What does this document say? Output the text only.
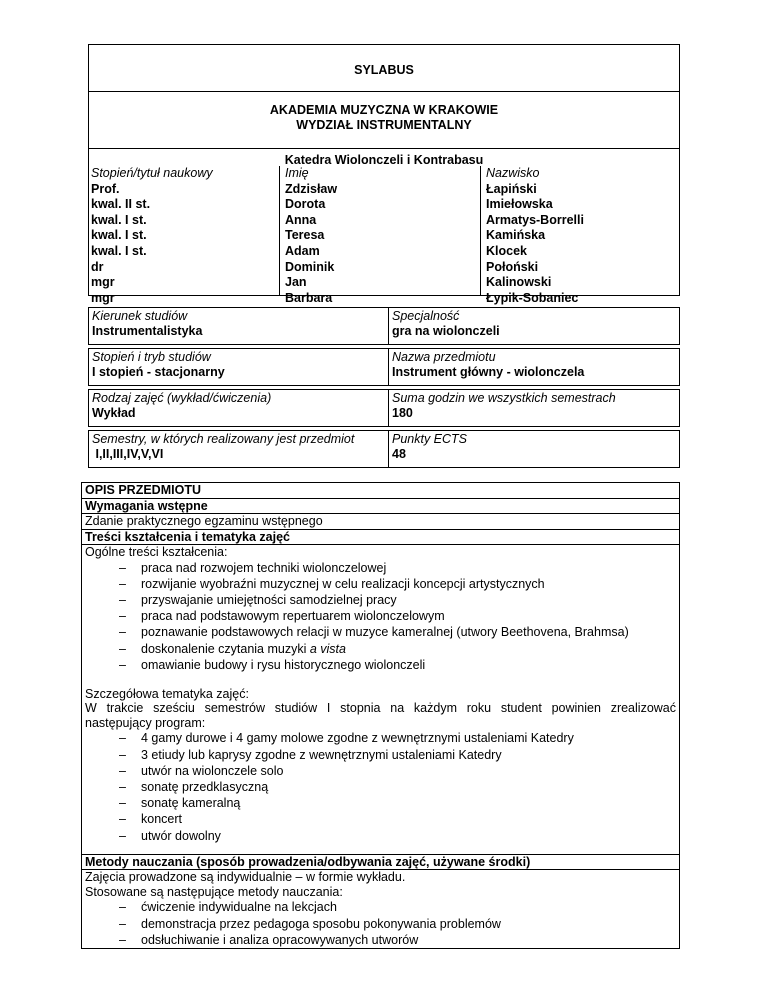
SYLABUS
AKADEMIA MUZYCZNA W KRAKOWIE
WYDZIAŁ INSTRUMENTALNY
Katedra Wiolonczeli i Kontrabasu
Stopień/tytuł naukowy
Prof.
kwal. II st.
kwal. I st.
kwal. I st.
kwal. I st.
dr
mgr
mgr
Imię
Zdzisław
Dorota
Anna
Teresa
Adam
Dominik
Jan
Barbara
Nazwisko
Łapiński
Imiełowska
Armatys-Borrelli
Kamińska
Klocek
Połoński
Kalinowski
Łypik-Sobaniec
Kierunek studiów
Instrumentalistyka
Specjalność
gra na wiolonczeli
Stopień i tryb studiów
I stopień - stacjonarny
Nazwa przedmiotu
Instrument główny - wiolonczela
Rodzaj zajęć (wykład/ćwiczenia)
Wykład
Suma godzin we wszystkich semestrach
180
Semestry, w których realizowany jest przedmiot
I,II,III,IV,V,VI
Punkty ECTS
48
OPIS PRZEDMIOTU
Wymagania wstępne
Zdanie praktycznego egzaminu wstępnego
Treści kształcenia i tematyka zajęć
Ogólne treści kształcenia:
– praca nad rozwojem techniki wiolonczelowej
– rozwijanie wyobraźni muzycznej w celu realizacji koncepcji artystycznych
– przyswajanie umiejętności samodzielnej pracy
– praca nad podstawowym repertuarem wiolonczelowym
– poznawanie podstawowych relacji w muzyce kameralnej (utwory Beethovena, Brahmsa)
– doskonalenie czytania muzyki a vista
– omawianie budowy i rysu historycznego wiolonczeli
Szczegółowa tematyka zajęć:
W trakcie sześciu semestrów studiów I stopnia na każdym roku student powinien zrealizować
następujący program:
– 4 gamy durowe i 4 gamy molowe zgodne z wewnętrznymi ustaleniami Katedry
– 3 etiudy lub kaprysy zgodne z wewnętrznymi ustaleniami Katedry
– utwór na wiolonczele solo
– sonatę przedklasyczną
– sonatę kameralną
– koncert
– utwór dowolny
Metody nauczania (sposób prowadzenia/odbywania zajęć, używane środki)
Zajęcia prowadzone są indywidualnie – w formie wykładu.
Stosowane są następujące metody nauczania:
– ćwiczenie indywidualne na lekcjach
– demonstracja przez pedagoga sposobu pokonywania problemów
– odsłuchiwanie i analiza opracowywanych utworów
